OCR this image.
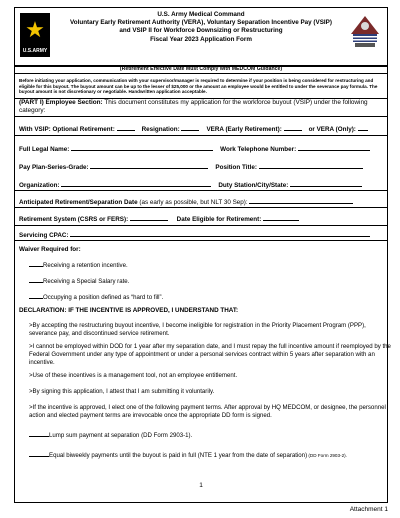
★
U.S.ARMY
U.S. Army Medical Command
Voluntary Early Retirement Authority (VERA), Voluntary Separation Incentive Pay (VSIP)
and VSIP II for Workforce Downsizing or Restructuring
Fiscal Year 2023 Application Form
(Retirement Effective Date Must Comply with MEDCOM Guidance)
Before initiating your application, communication with your supervisor/manager is required to determine if your position is being considered for restructuring and eligible for this buyout. The buyout amount can be up to the lesser of $25,000 or the amount an employee would be entitled to under the severance pay formula. The buyout amount is not discretionary or negotiable. Handwritten application acceptable.
(PART I) Employee Section: This document constitutes my application for the workforce buyout (VSIP) under the following category:
With VSIP: Optional Retirement:	Resignation:	VERA (Early Retirement):	or VERA (Only):
Full Legal Name:	Work Telephone Number:
Pay Plan-Series-Grade:	Position Title:
Organization:	Duty Station/City/State:
Anticipated Retirement/Separation Date (as early as possible, but NLT 30 Sep):
Retirement System (CSRS or FERS):	Date Eligible for Retirement:
Servicing CPAC:
Waiver Required for:
Receiving a retention incentive.
Receiving a Special Salary rate.
Occupying a position defined as “hard to fill”.
DECLARATION: IF THE INCENTIVE IS APPROVED, I UNDERSTAND THAT:
>By accepting the restructuring buyout incentive, I become ineligible for registration in the Priority Placement Program (PPP), severance pay, and discontinued service retirement.
>I cannot be employed within DOD for 1 year after my separation date, and I must repay the full incentive amount if reemployed by the Federal Government under any type of appointment or under a personal services contract within 5 years after separation with an incentive.
>Use of these incentives is a management tool, not an employee entitlement.
>By signing this application, I attest that I am submitting it voluntarily.
>If the incentive is approved, I elect one of the following payment terms. After approval by HQ MEDCOM, or designee, the personnel action and elected payment terms are irrevocable once the appropriate DD form is signed.
Lump sum payment at separation (DD Form 2903-1).
Equal biweekly payments until the buyout is paid in full (NTE 1 year from the date of separation) (DD Form 2903-2).
1
Attachment 1
